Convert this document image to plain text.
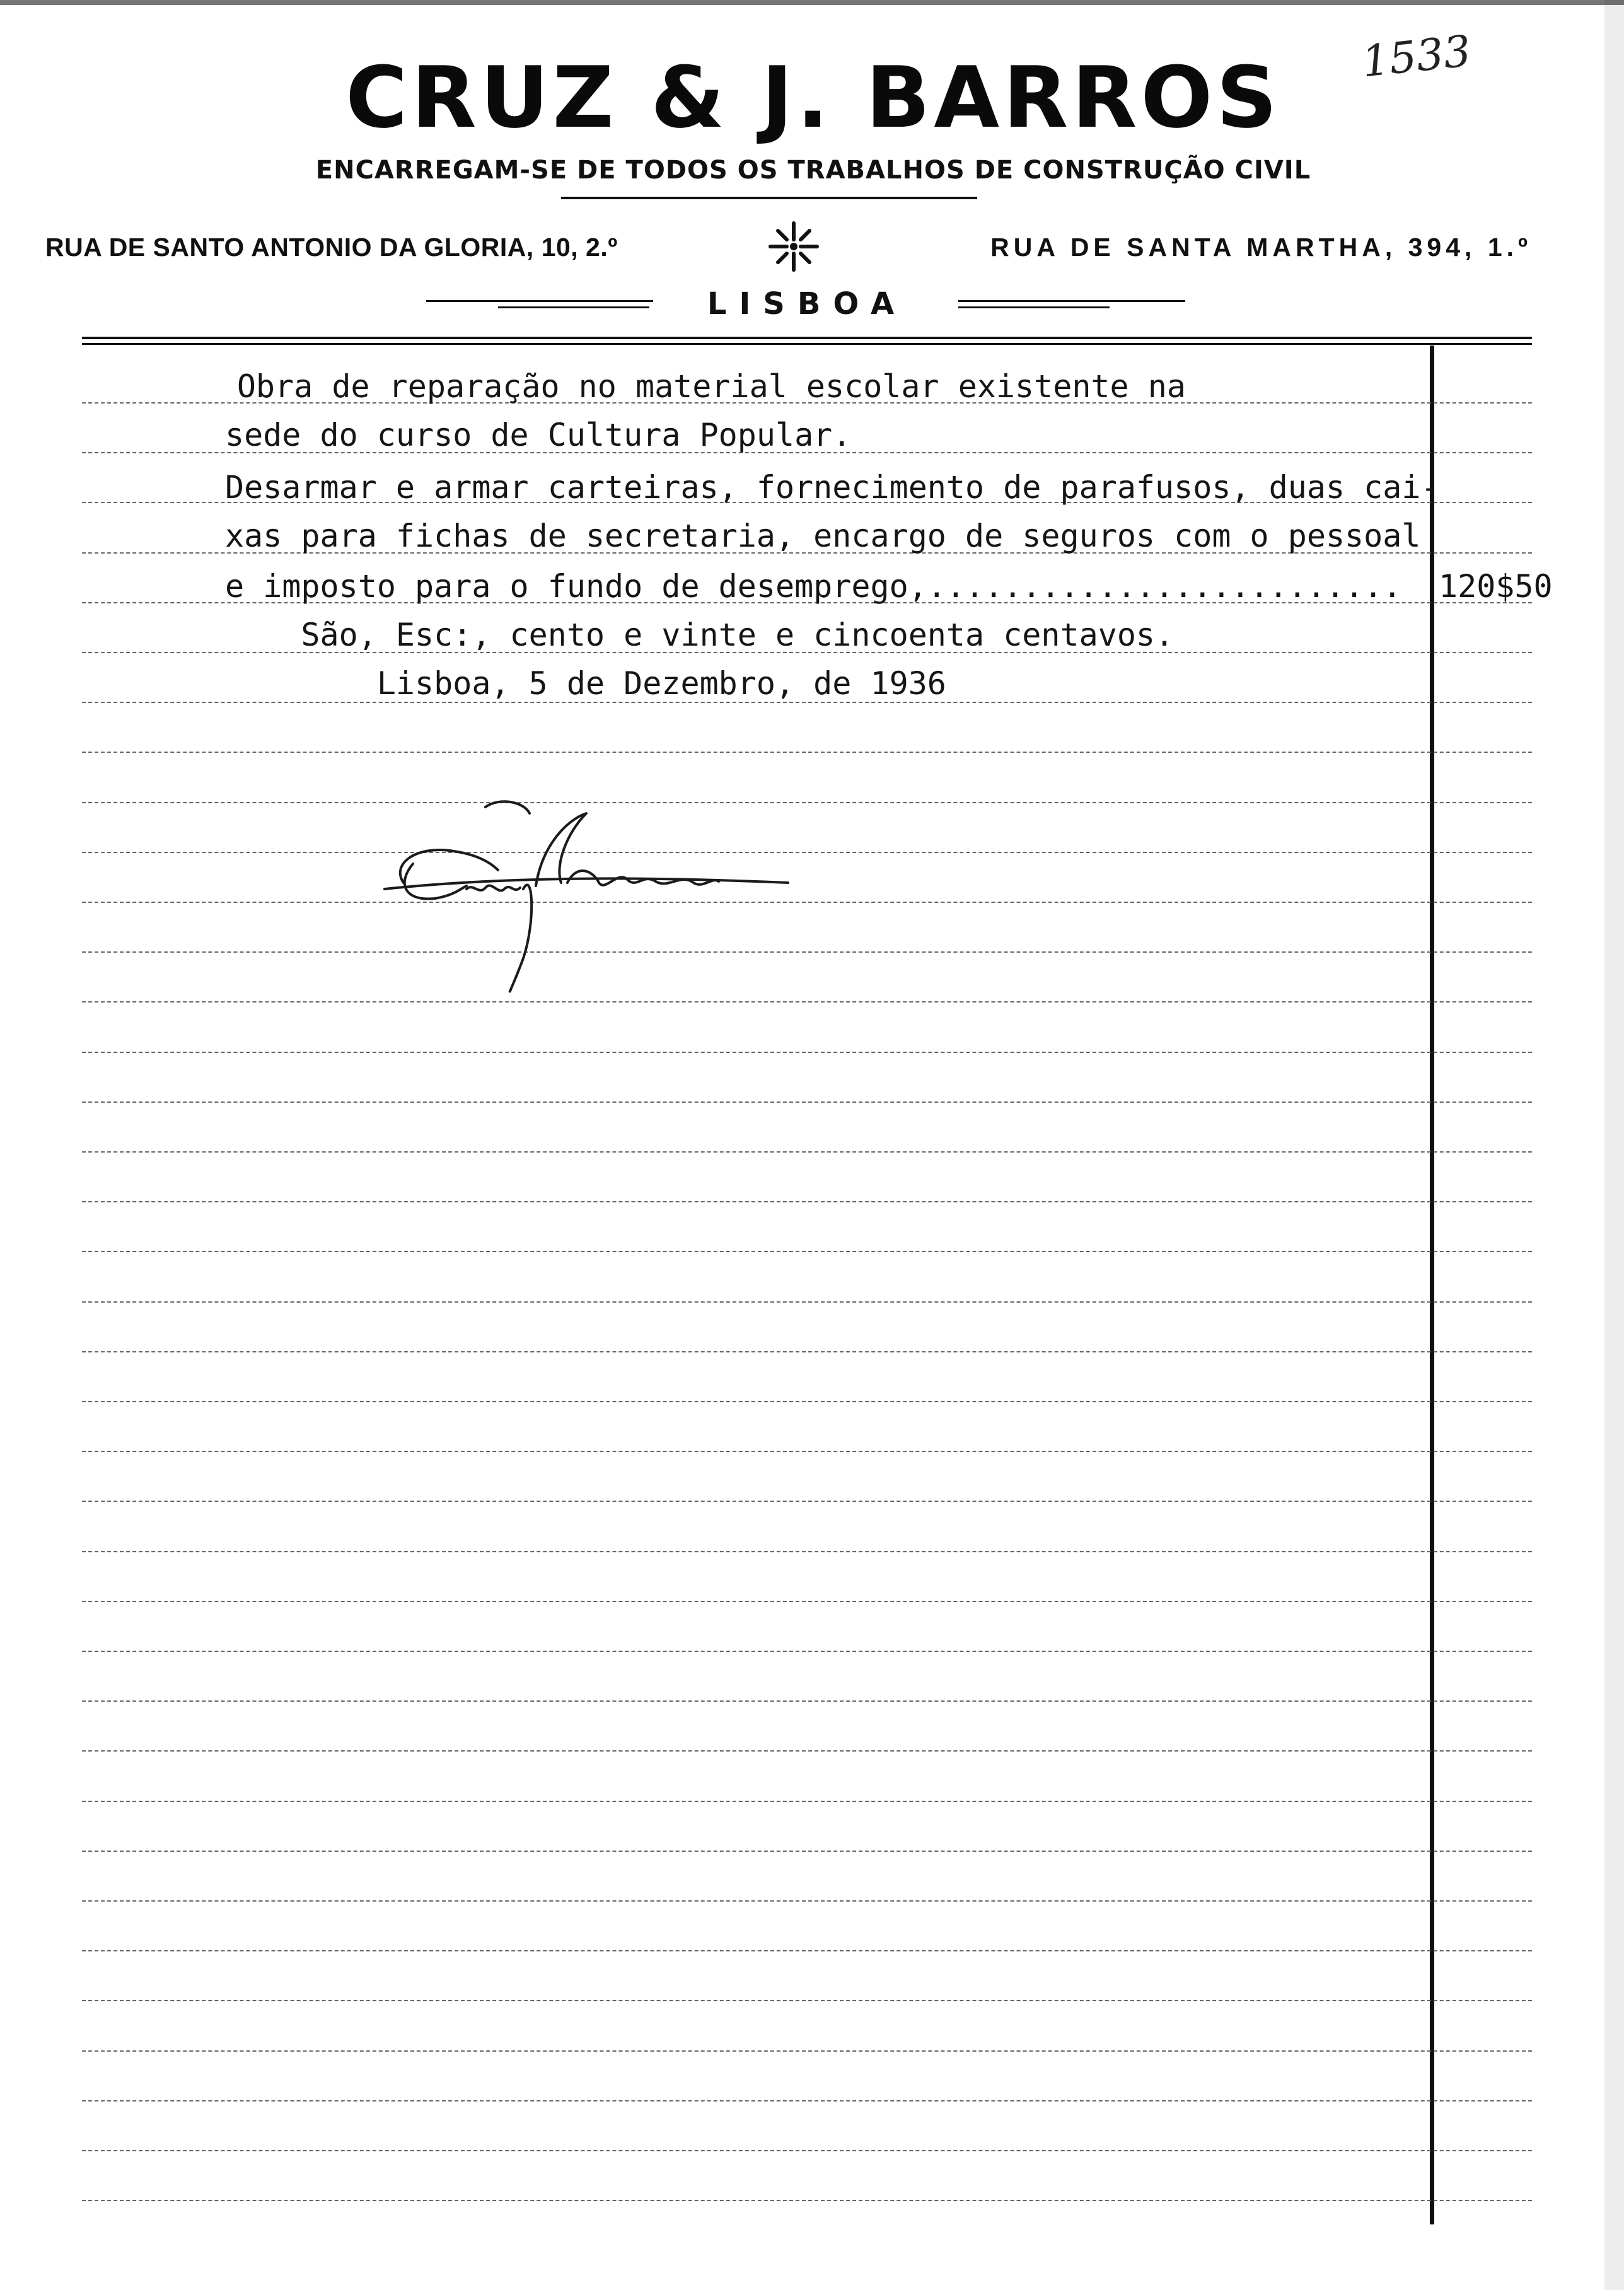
1533
CRUZ & J. BARROS
ENCARREGAM-SE DE TODOS OS TRABALHOS DE CONSTRUÇÃO CIVIL
RUA DE SANTO ANTONIO DA GLORIA, 10, 2.º	RUA DE SANTA MARTHA, 394, 1.º
LISBOA
Obra de reparação no material escolar existente na
sede do curso de Cultura Popular.
Desarmar e armar carteiras, fornecimento de parafusos, duas cai-
xas para fichas de secretaria, encargo de seguros com o pessoal
e imposto para o fundo de desemprego,.........................
São, Esc:, cento e vinte e cincoenta centavos.
Lisboa, 5 de Dezembro, de 1936
120$50
